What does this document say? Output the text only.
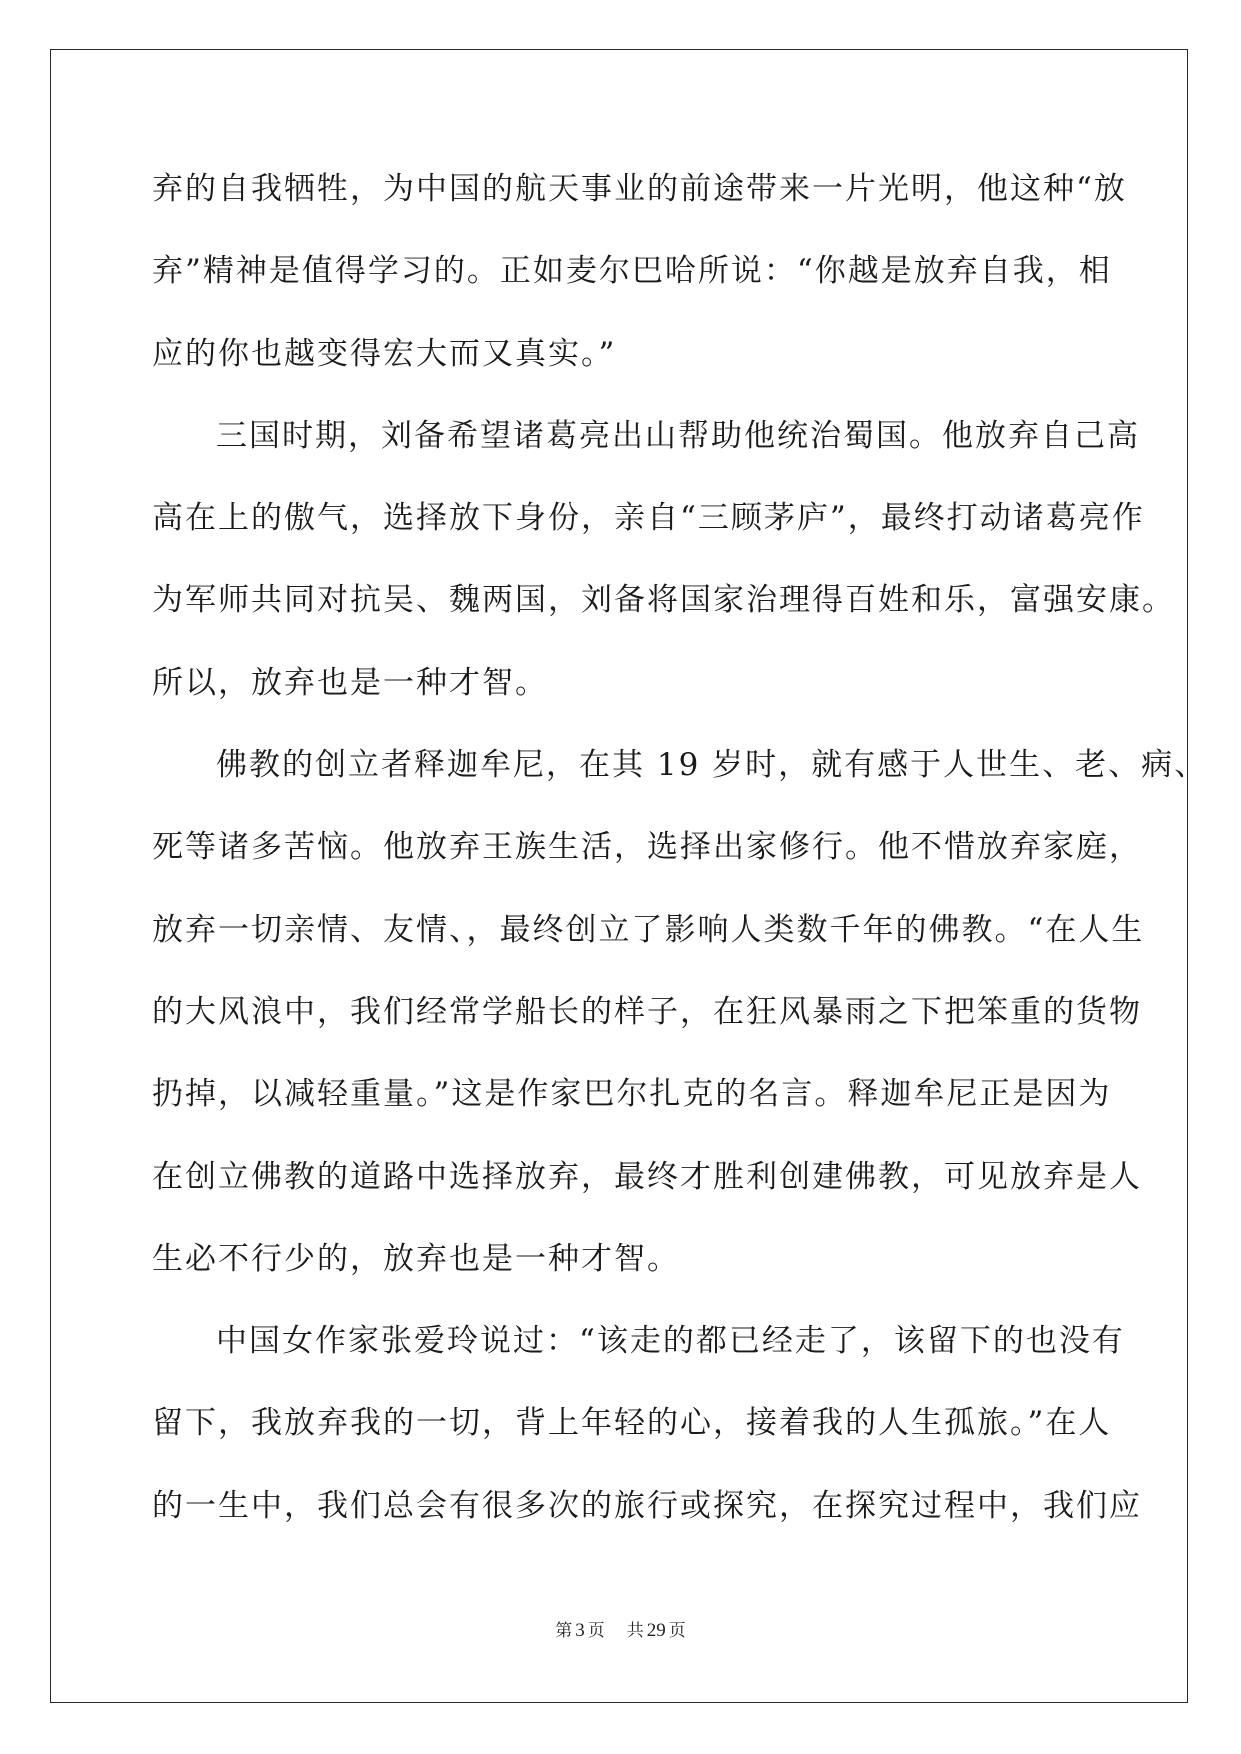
弃的自我牺牲，为中国的航天事业的前途带来一片光明，他这种“放
弃”精神是值得学习的。正如麦尔巴哈所说：“你越是放弃自我，相
应的你也越变得宏大而又真实。”
三国时期，刘备希望诸葛亮出山帮助他统治蜀国。他放弃自己高
高在上的傲气，选择放下身份，亲自“三顾茅庐”，最终打动诸葛亮作
为军师共同对抗吴、魏两国，刘备将国家治理得百姓和乐，富强安康。
所以，放弃也是一种才智。
佛教的创立者释迦牟尼，在其 19 岁时，就有感于人世生、老、病、
死等诸多苦恼。他放弃王族生活，选择出家修行。他不惜放弃家庭，
放弃一切亲情、友情、，最终创立了影响人类数千年的佛教。“在人生
的大风浪中，我们经常学船长的样子，在狂风暴雨之下把笨重的货物
扔掉，以减轻重量。”这是作家巴尔扎克的名言。释迦牟尼正是因为
在创立佛教的道路中选择放弃，最终才胜利创建佛教，可见放弃是人
生必不行少的，放弃也是一种才智。
中国女作家张爱玲说过：“该走的都已经走了，该留下的也没有
留下，我放弃我的一切，背上年轻的心，接着我的人生孤旅。”在人
的一生中，我们总会有很多次的旅行或探究，在探究过程中，我们应
第 3 页 共 29 页
